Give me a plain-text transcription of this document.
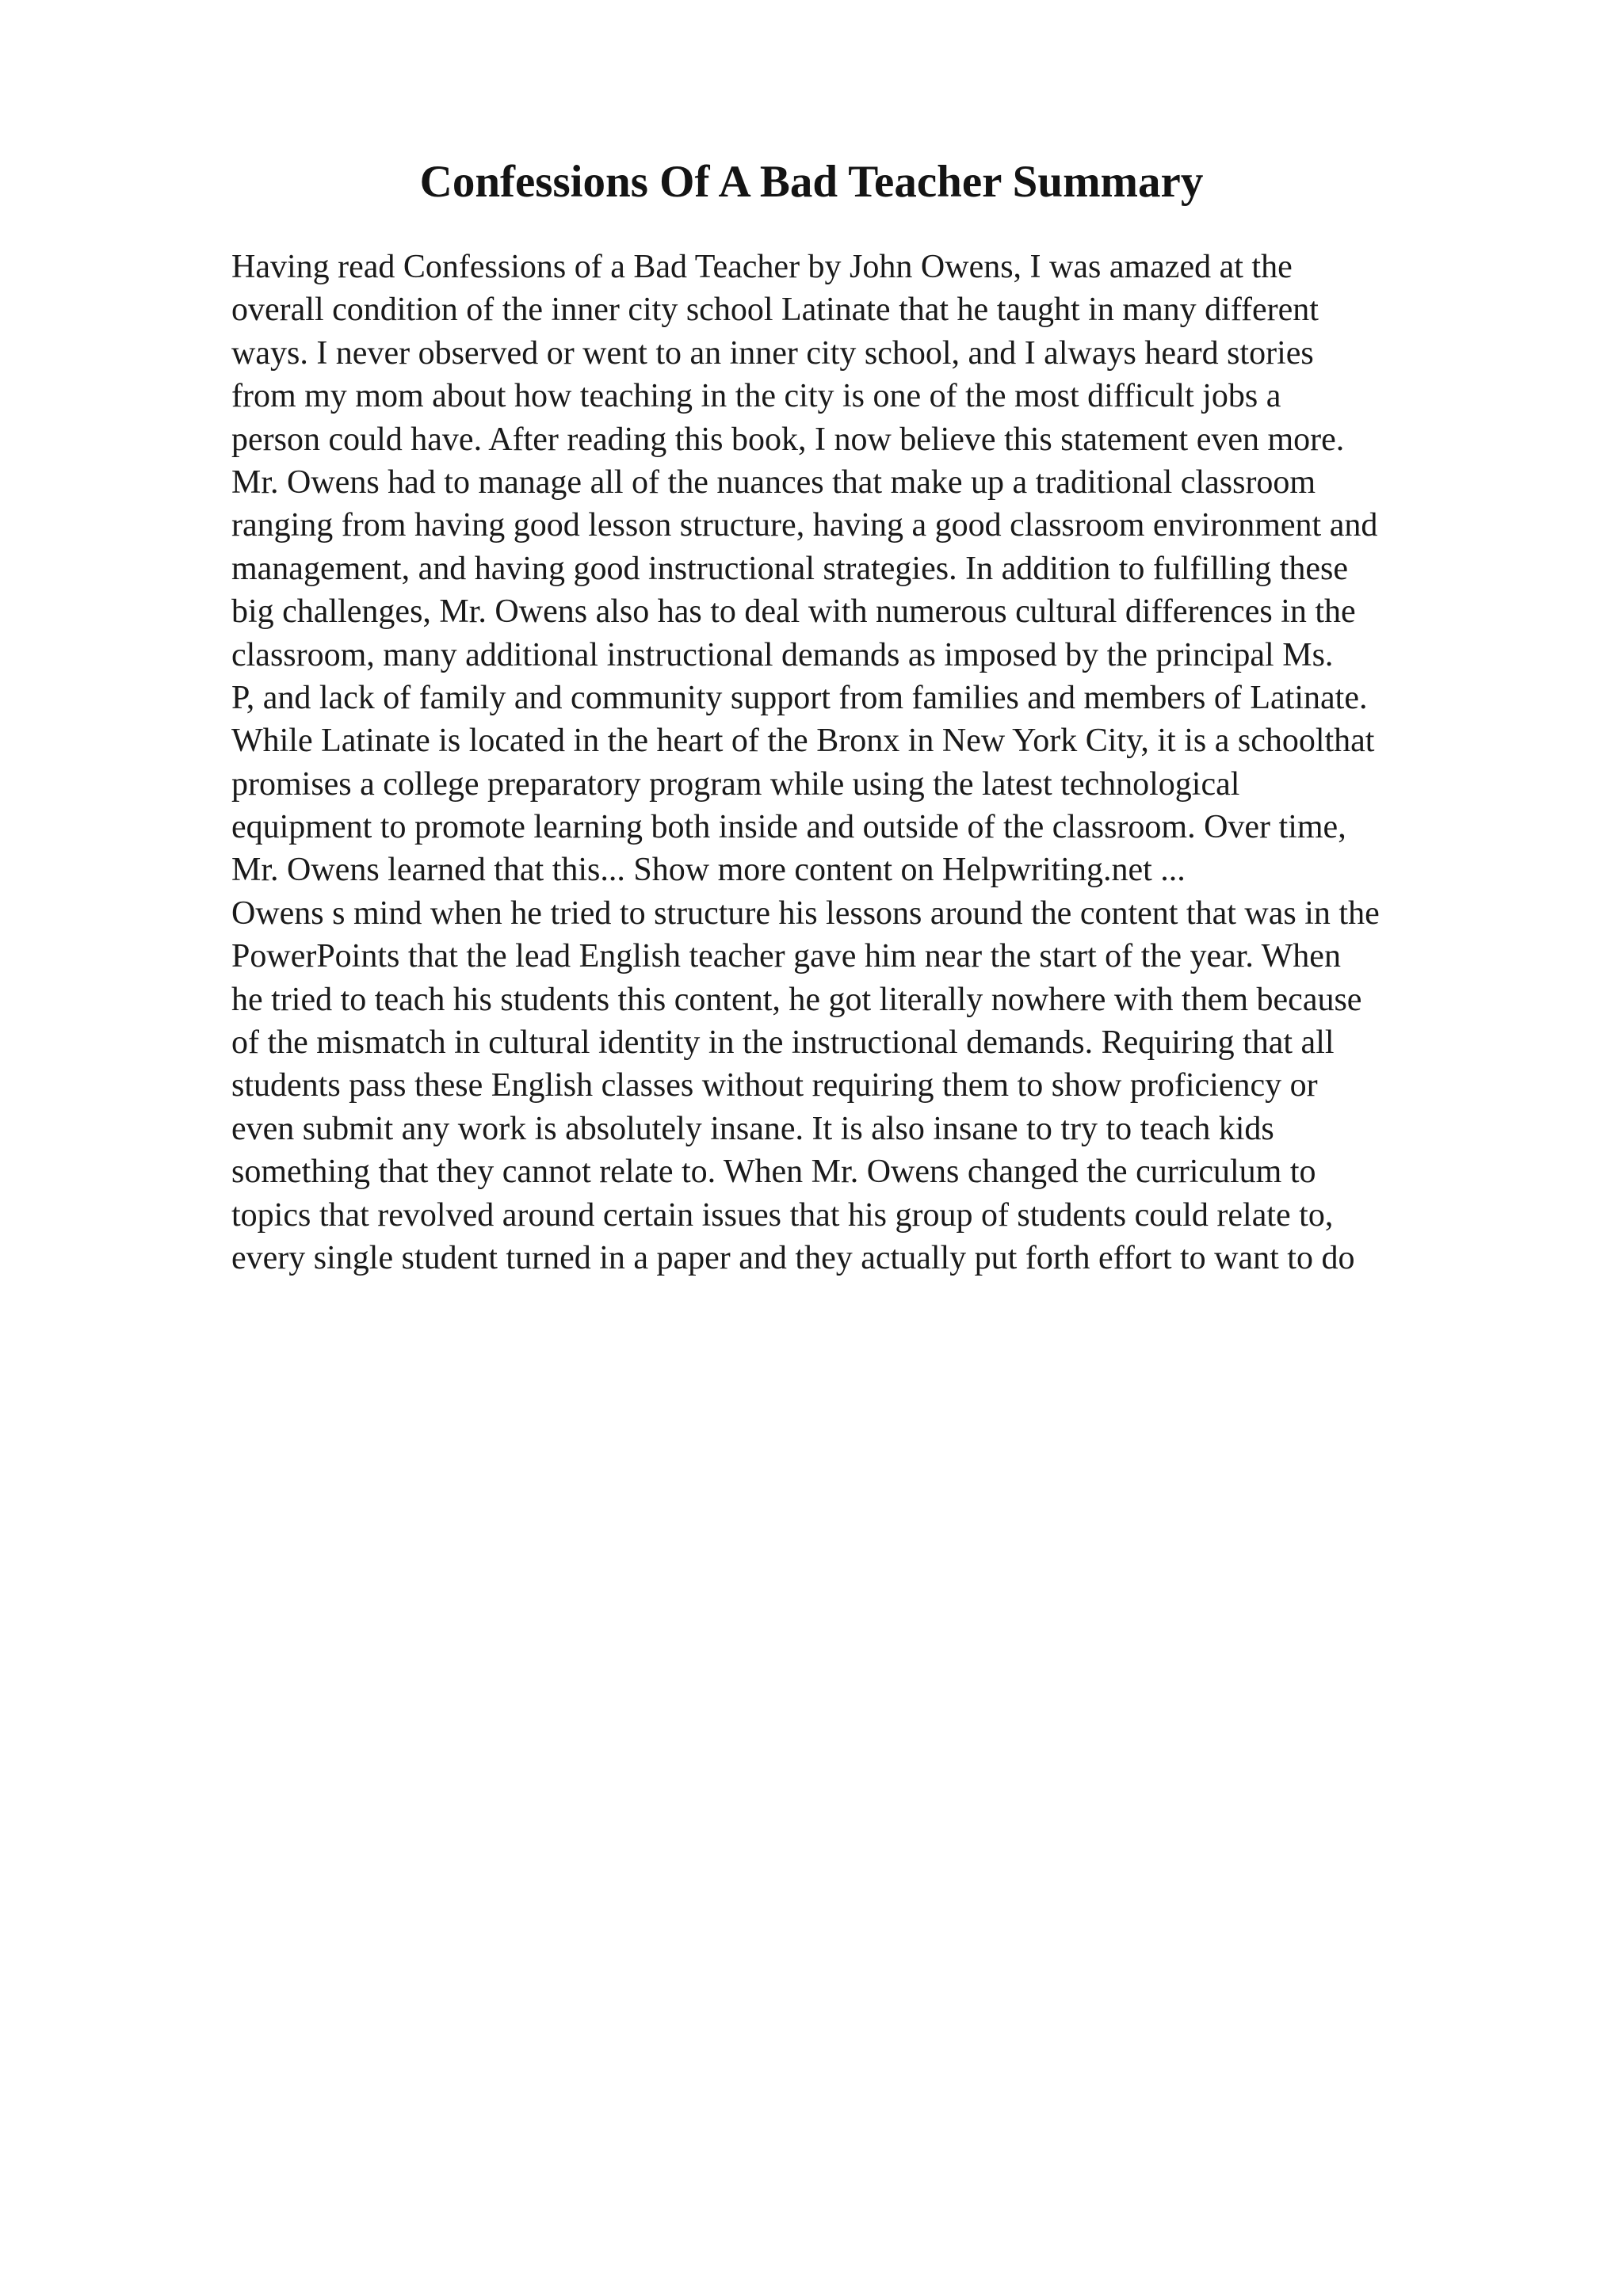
Confessions Of A Bad Teacher Summary
Having read Confessions of a Bad Teacher by John Owens, I was amazed at the
overall condition of the inner city school Latinate that he taught in many different
ways. I never observed or went to an inner city school, and I always heard stories
from my mom about how teaching in the city is one of the most difficult jobs a
person could have. After reading this book, I now believe this statement even more.
Mr. Owens had to manage all of the nuances that make up a traditional classroom
ranging from having good lesson structure, having a good classroom environment and
management, and having good instructional strategies. In addition to fulfilling these
big challenges, Mr. Owens also has to deal with numerous cultural differences in the
classroom, many additional instructional demands as imposed by the principal Ms.
P, and lack of family and community support from families and members of Latinate.
While Latinate is located in the heart of the Bronx in New York City, it is a schoolthat
promises a college preparatory program while using the latest technological
equipment to promote learning both inside and outside of the classroom. Over time,
Mr. Owens learned that this... Show more content on Helpwriting.net ...
Owens s mind when he tried to structure his lessons around the content that was in the
PowerPoints that the lead English teacher gave him near the start of the year. When
he tried to teach his students this content, he got literally nowhere with them because
of the mismatch in cultural identity in the instructional demands. Requiring that all
students pass these English classes without requiring them to show proficiency or
even submit any work is absolutely insane. It is also insane to try to teach kids
something that they cannot relate to. When Mr. Owens changed the curriculum to
topics that revolved around certain issues that his group of students could relate to,
every single student turned in a paper and they actually put forth effort to want to do
